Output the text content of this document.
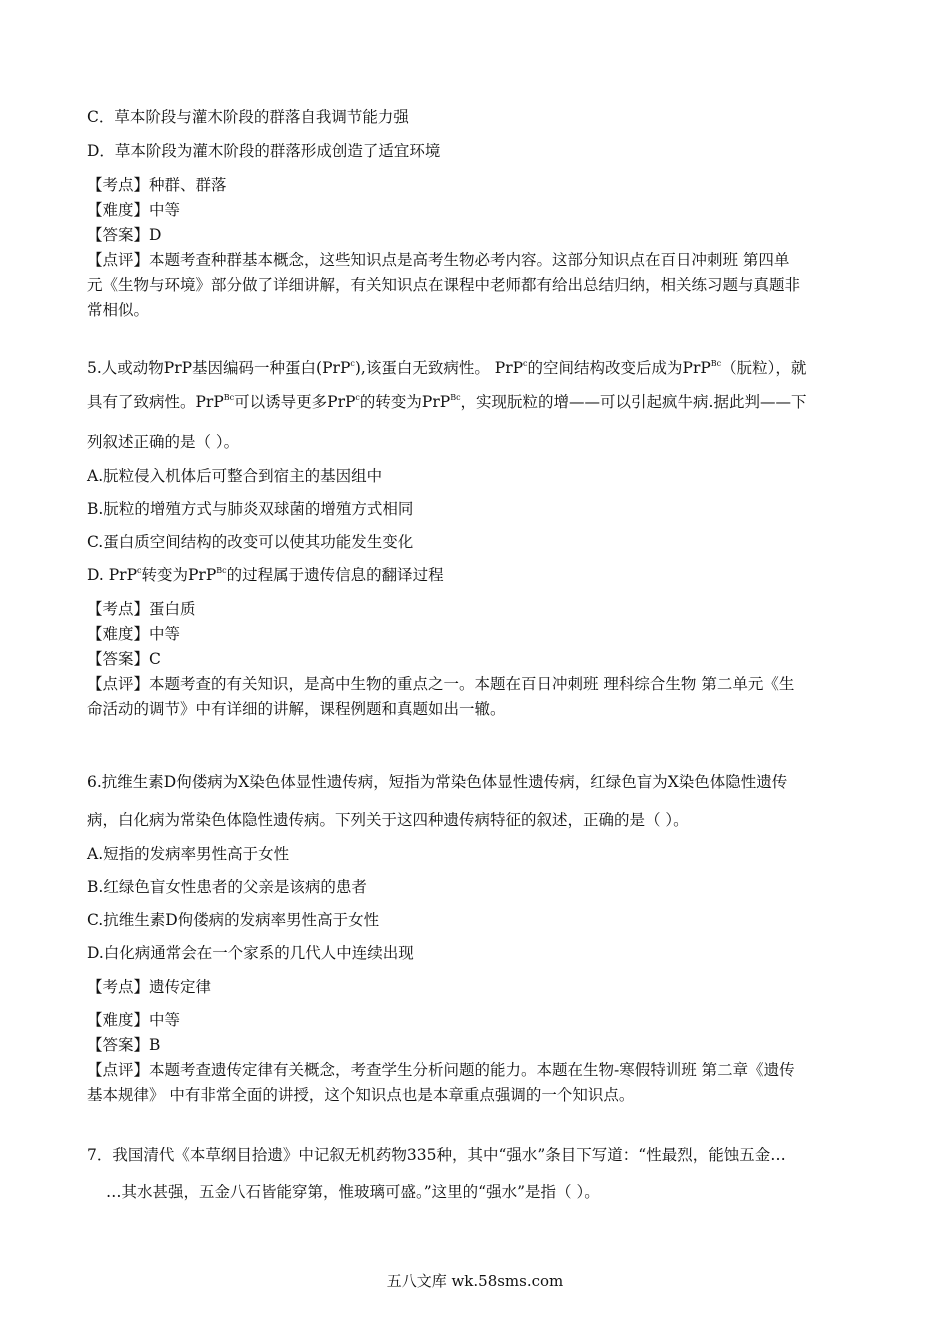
C．草本阶段与灌木阶段的群落自我调节能力强
D．草本阶段为灌木阶段的群落形成创造了适宜环境
【考点】种群、群落
【难度】中等
【答案】D
【点评】本题考查种群基本概念，这些知识点是高考生物必考内容。这部分知识点在百日冲刺班 第四单
元《生物与环境》部分做了详细讲解，有关知识点在课程中老师都有给出总结归纳，相关练习题与真题非
常相似。
5.人或动物PrP基因编码一种蛋白(PrP$^c$),该蛋白无致病性。 PrP$^c$的空间结构改变后成为PrP$^{Bc}$（朊粒），就
具有了致病性。PrP$^{Bc}$可以诱导更多PrP$^c$的转变为PrP$^{Bc}$，实现朊粒的增——可以引起疯牛病.据此判——下
列叙述正确的是（ ）。
A.朊粒侵入机体后可整合到宿主的基因组中
B.朊粒的增殖方式与肺炎双球菌的增殖方式相同
C.蛋白质空间结构的改变可以使其功能发生变化
D. PrP$^c$转变为PrP$^{Bc}$的过程属于遗传信息的翻译过程
【考点】蛋白质
【难度】中等
【答案】C
【点评】本题考查的有关知识，是高中生物的重点之一。本题在百日冲刺班 理科综合生物 第二单元《生
命活动的调节》中有详细的讲解，课程例题和真题如出一辙。
6.抗维生素D佝偻病为X染色体显性遗传病，短指为常染色体显性遗传病，红绿色盲为X染色体隐性遗传
病，白化病为常染色体隐性遗传病。下列关于这四种遗传病特征的叙述，正确的是（ ）。
A.短指的发病率男性高于女性
B.红绿色盲女性患者的父亲是该病的患者
C.抗维生素D佝偻病的发病率男性高于女性
D.白化病通常会在一个家系的几代人中连续出现
【考点】遗传定律
【难度】中等
【答案】B
【点评】本题考查遗传定律有关概念，考查学生分析问题的能力。本题在生物-寒假特训班 第二章《遗传
基本规律》 中有非常全面的讲授，这个知识点也是本章重点强调的一个知识点。
7．我国清代《本草纲目拾遗》中记叙无机药物335种，其中“强水”条目下写道：“性最烈，能蚀五金…
…其水甚强，五金八石皆能穿第，惟玻璃可盛。”这里的“强水”是指（ ）。
五八文库 wk.58sms.com
